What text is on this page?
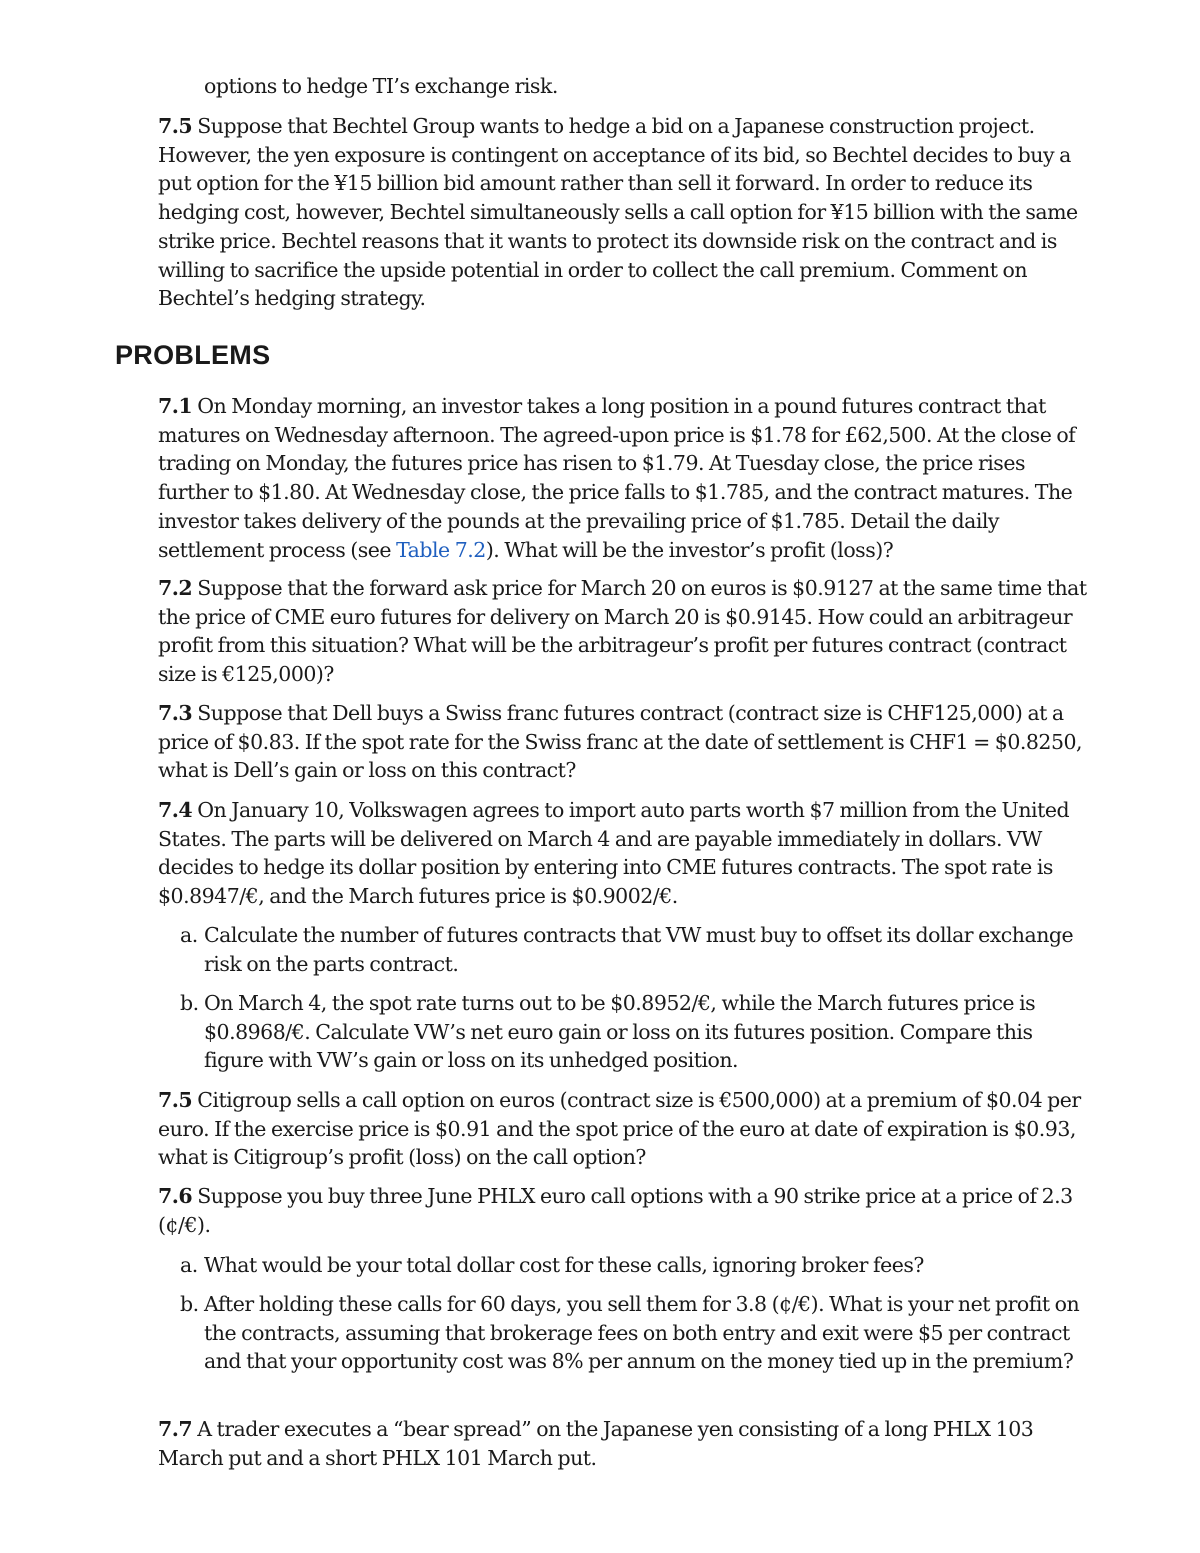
options to hedge TI’s exchange risk.

7.5 Suppose that Bechtel Group wants to hedge a bid on a Japanese construction project. However, the yen exposure is contingent on acceptance of its bid, so Bechtel decides to buy a put option for the ¥15 billion bid amount rather than sell it forward. In order to reduce its hedging cost, however, Bechtel simultaneously sells a call option for ¥15 billion with the same strike price. Bechtel reasons that it wants to protect its downside risk on the contract and is willing to sacrifice the upside potential in order to collect the call premium. Comment on Bechtel’s hedging strategy.

PROBLEMS

7.1 On Monday morning, an investor takes a long position in a pound futures contract that matures on Wednesday afternoon. The agreed-upon price is $1.78 for £62,500. At the close of trading on Monday, the futures price has risen to $1.79. At Tuesday close, the price rises further to $1.80. At Wednesday close, the price falls to $1.785, and the contract matures. The investor takes delivery of the pounds at the prevailing price of $1.785. Detail the daily settlement process (see Table 7.2). What will be the investor’s profit (loss)?

7.2 Suppose that the forward ask price for March 20 on euros is $0.9127 at the same time that the price of CME euro futures for delivery on March 20 is $0.9145. How could an arbitrageur profit from this situation? What will be the arbitrageur’s profit per futures contract (contract size is €125,000)?

7.3 Suppose that Dell buys a Swiss franc futures contract (contract size is CHF125,000) at a price of $0.83. If the spot rate for the Swiss franc at the date of settlement is CHF1 = $0.8250, what is Dell’s gain or loss on this contract?

7.4 On January 10, Volkswagen agrees to import auto parts worth $7 million from the United States. The parts will be delivered on March 4 and are payable immediately in dollars. VW decides to hedge its dollar position by entering into CME futures contracts. The spot rate is $0.8947/€, and the March futures price is $0.9002/€.

a. Calculate the number of futures contracts that VW must buy to offset its dollar exchange risk on the parts contract.
b. On March 4, the spot rate turns out to be $0.8952/€, while the March futures price is $0.8968/€. Calculate VW’s net euro gain or loss on its futures position. Compare this figure with VW’s gain or loss on its unhedged position.

7.5 Citigroup sells a call option on euros (contract size is €500,000) at a premium of $0.04 per euro. If the exercise price is $0.91 and the spot price of the euro at date of expiration is $0.93, what is Citigroup’s profit (loss) on the call option?

7.6 Suppose you buy three June PHLX euro call options with a 90 strike price at a price of 2.3 (¢/€).

a. What would be your total dollar cost for these calls, ignoring broker fees?
b. After holding these calls for 60 days, you sell them for 3.8 (¢/€). What is your net profit on the contracts, assuming that brokerage fees on both entry and exit were $5 per contract and that your opportunity cost was 8% per annum on the money tied up in the premium?

7.7 A trader executes a “bear spread” on the Japanese yen consisting of a long PHLX 103 March put and a short PHLX 101 March put.
